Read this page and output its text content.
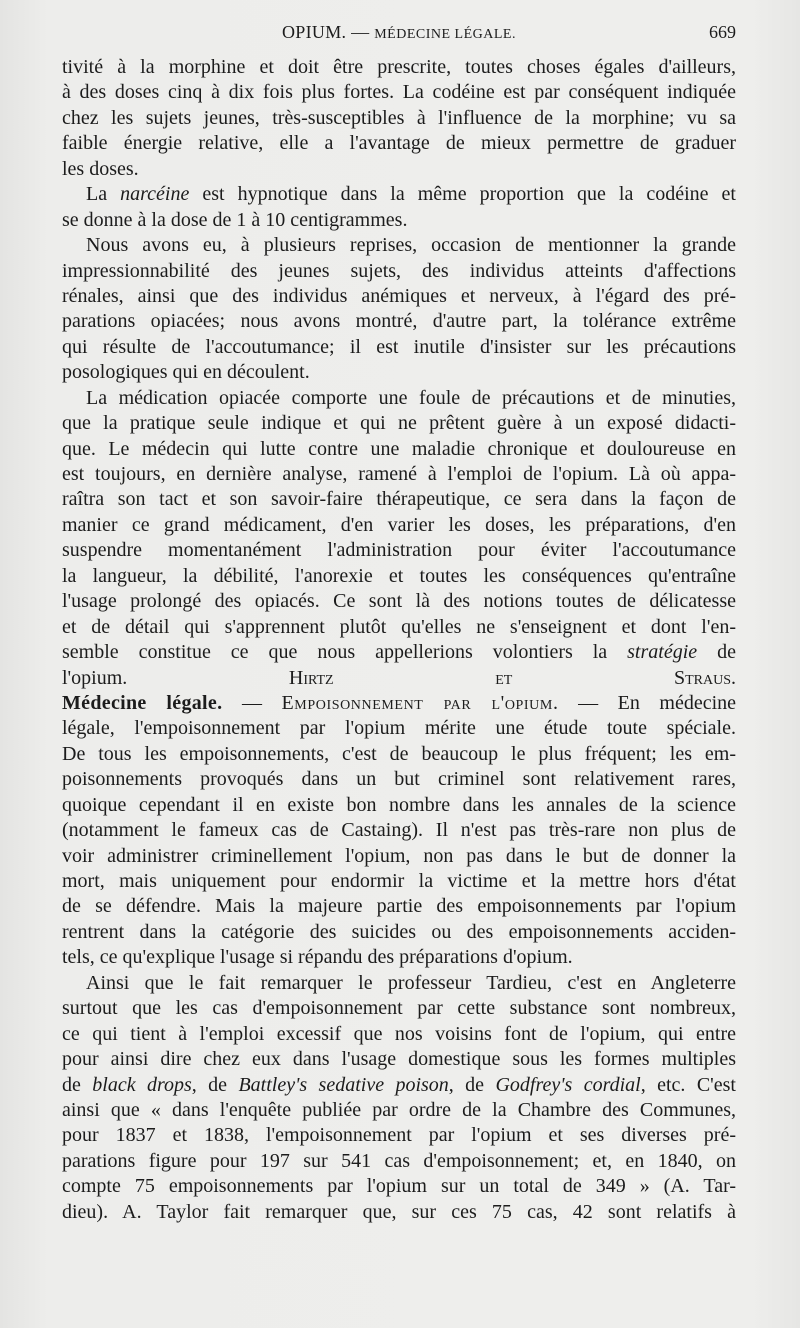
OPIUM. — MÉDECINE LÉGALE.	669
tivité à la morphine et doit être prescrite, toutes choses égales d'ailleurs,
à des doses cinq à dix fois plus fortes. La codéine est par conséquent indiquée
chez les sujets jeunes, très-susceptibles à l'influence de la morphine; vu sa
faible énergie relative, elle a l'avantage de mieux permettre de graduer
les doses.
La narcéine est hypnotique dans la même proportion que la codéine et
se donne à la dose de 1 à 10 centigrammes.
Nous avons eu, à plusieurs reprises, occasion de mentionner la grande
impressionnabilité des jeunes sujets, des individus atteints d'affections
rénales, ainsi que des individus anémiques et nerveux, à l'égard des pré-
parations opiacées; nous avons montré, d'autre part, la tolérance extrême
qui résulte de l'accoutumance; il est inutile d'insister sur les précautions
posologiques qui en découlent.
La médication opiacée comporte une foule de précautions et de minuties,
que la pratique seule indique et qui ne prêtent guère à un exposé didacti-
que. Le médecin qui lutte contre une maladie chronique et douloureuse en
est toujours, en dernière analyse, ramené à l'emploi de l'opium. Là où appa-
raîtra son tact et son savoir-faire thérapeutique, ce sera dans la façon de
manier ce grand médicament, d'en varier les doses, les préparations, d'en
suspendre momentanément l'administration pour éviter l'accoutumance
la langueur, la débilité, l'anorexie et toutes les conséquences qu'entraîne
l'usage prolongé des opiacés. Ce sont là des notions toutes de délicatesse
et de détail qui s'apprennent plutôt qu'elles ne s'enseignent et dont l'en-
semble constitue ce que nous appellerions volontiers la stratégie de
l'opium.	Hirtz et Straus.
Médecine légale. — Empoisonnement par l'opium. — En médecine
légale, l'empoisonnement par l'opium mérite une étude toute spéciale.
De tous les empoisonnements, c'est de beaucoup le plus fréquent; les em-
poisonnements provoqués dans un but criminel sont relativement rares,
quoique cependant il en existe bon nombre dans les annales de la science
(notamment le fameux cas de Castaing). Il n'est pas très-rare non plus de
voir administrer criminellement l'opium, non pas dans le but de donner la
mort, mais uniquement pour endormir la victime et la mettre hors d'état
de se défendre. Mais la majeure partie des empoisonnements par l'opium
rentrent dans la catégorie des suicides ou des empoisonnements acciden-
tels, ce qu'explique l'usage si répandu des préparations d'opium.
Ainsi que le fait remarquer le professeur Tardieu, c'est en Angleterre
surtout que les cas d'empoisonnement par cette substance sont nombreux,
ce qui tient à l'emploi excessif que nos voisins font de l'opium, qui entre
pour ainsi dire chez eux dans l'usage domestique sous les formes multiples
de black drops, de Battley's sedative poison, de Godfrey's cordial, etc. C'est
ainsi que « dans l'enquête publiée par ordre de la Chambre des Communes,
pour 1837 et 1838, l'empoisonnement par l'opium et ses diverses pré-
parations figure pour 197 sur 541 cas d'empoisonnement; et, en 1840, on
compte 75 empoisonnements par l'opium sur un total de 349 » (A. Tar-
dieu). A. Taylor fait remarquer que, sur ces 75 cas, 42 sont relatifs à
